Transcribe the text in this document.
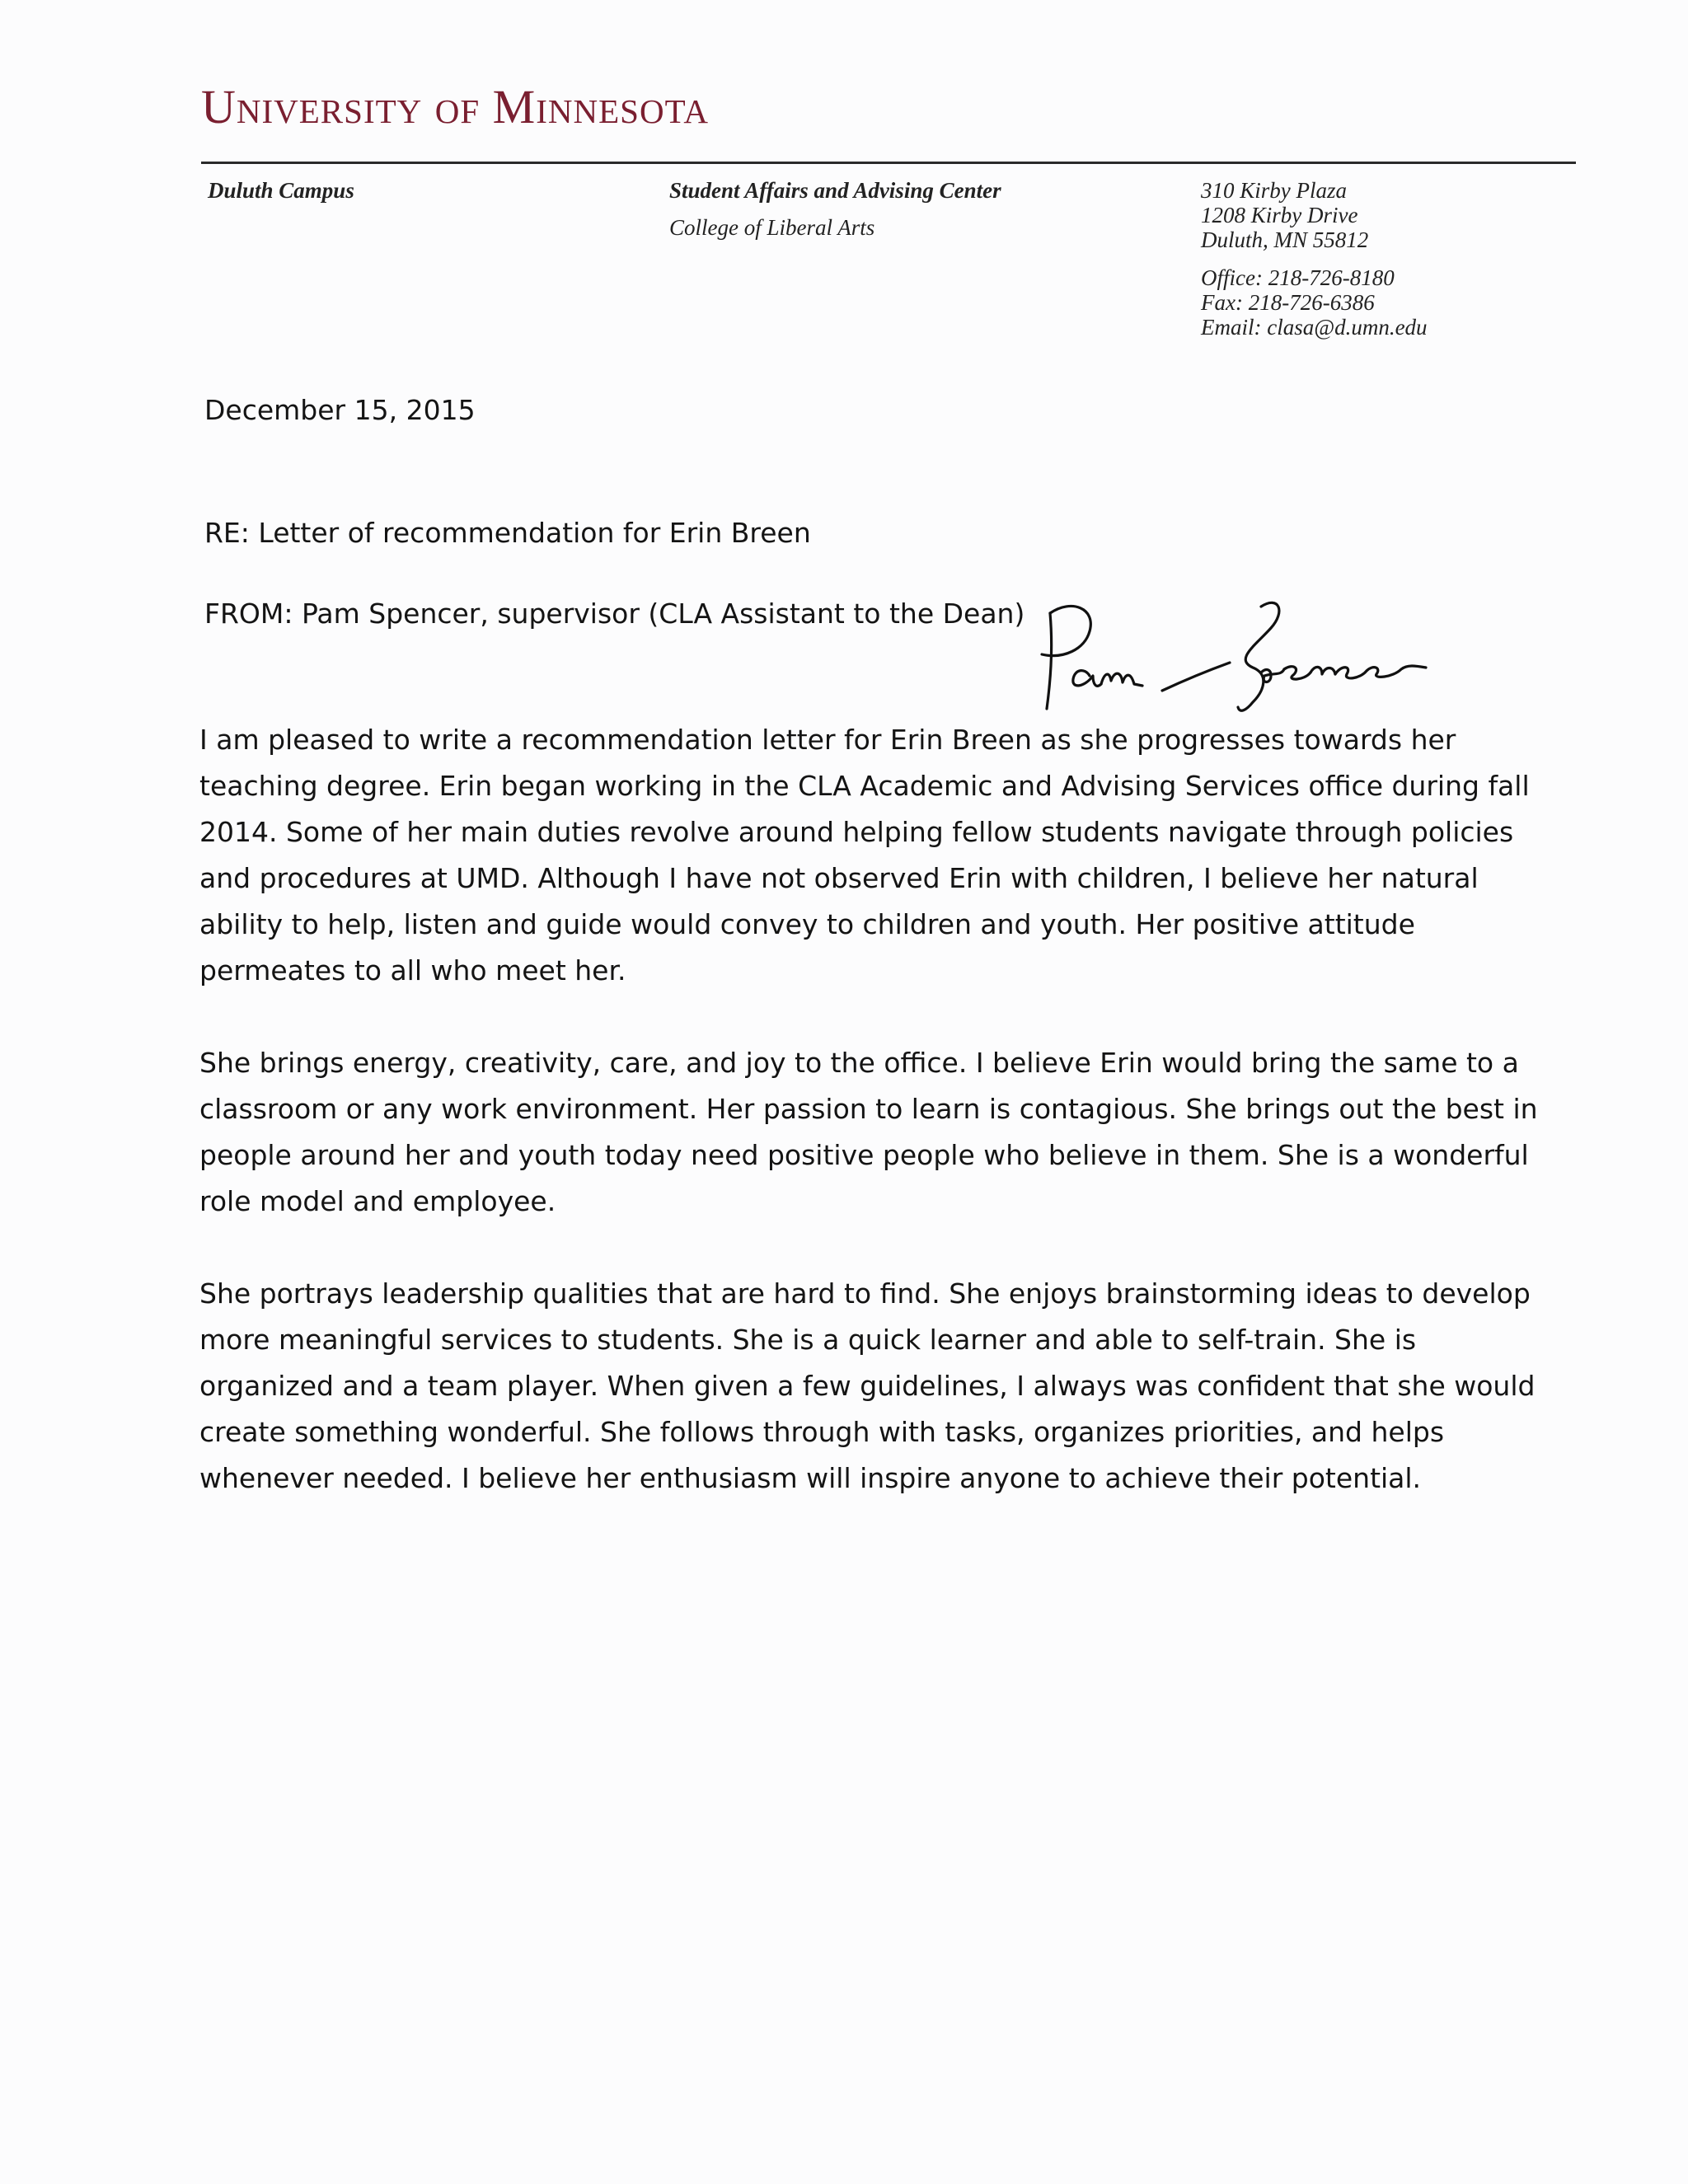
University of Minnesota
Duluth Campus	Student Affairs and Advising Center
College of Liberal Arts
310 Kirby Plaza
1208 Kirby Drive
Duluth, MN 55812
Office: 218-726-8180
Fax: 218-726-6386
Email: clasa@d.umn.edu
December 15, 2015
RE: Letter of recommendation for Erin Breen
FROM: Pam Spencer, supervisor (CLA Assistant to the Dean)
I am pleased to write a recommendation letter for Erin Breen as she progresses towards her teaching degree. Erin began working in the CLA Academic and Advising Services office during fall 2014. Some of her main duties revolve around helping fellow students navigate through policies and procedures at UMD. Although I have not observed Erin with children, I believe her natural ability to help, listen and guide would convey to children and youth. Her positive attitude permeates to all who meet her.
She brings energy, creativity, care, and joy to the office. I believe Erin would bring the same to a classroom or any work environment. Her passion to learn is contagious. She brings out the best in people around her and youth today need positive people who believe in them. She is a wonderful role model and employee.
She portrays leadership qualities that are hard to find. She enjoys brainstorming ideas to develop more meaningful services to students. She is a quick learner and able to self-train. She is organized and a team player. When given a few guidelines, I always was confident that she would create something wonderful. She follows through with tasks, organizes priorities, and helps whenever needed. I believe her enthusiasm will inspire anyone to achieve their potential.
